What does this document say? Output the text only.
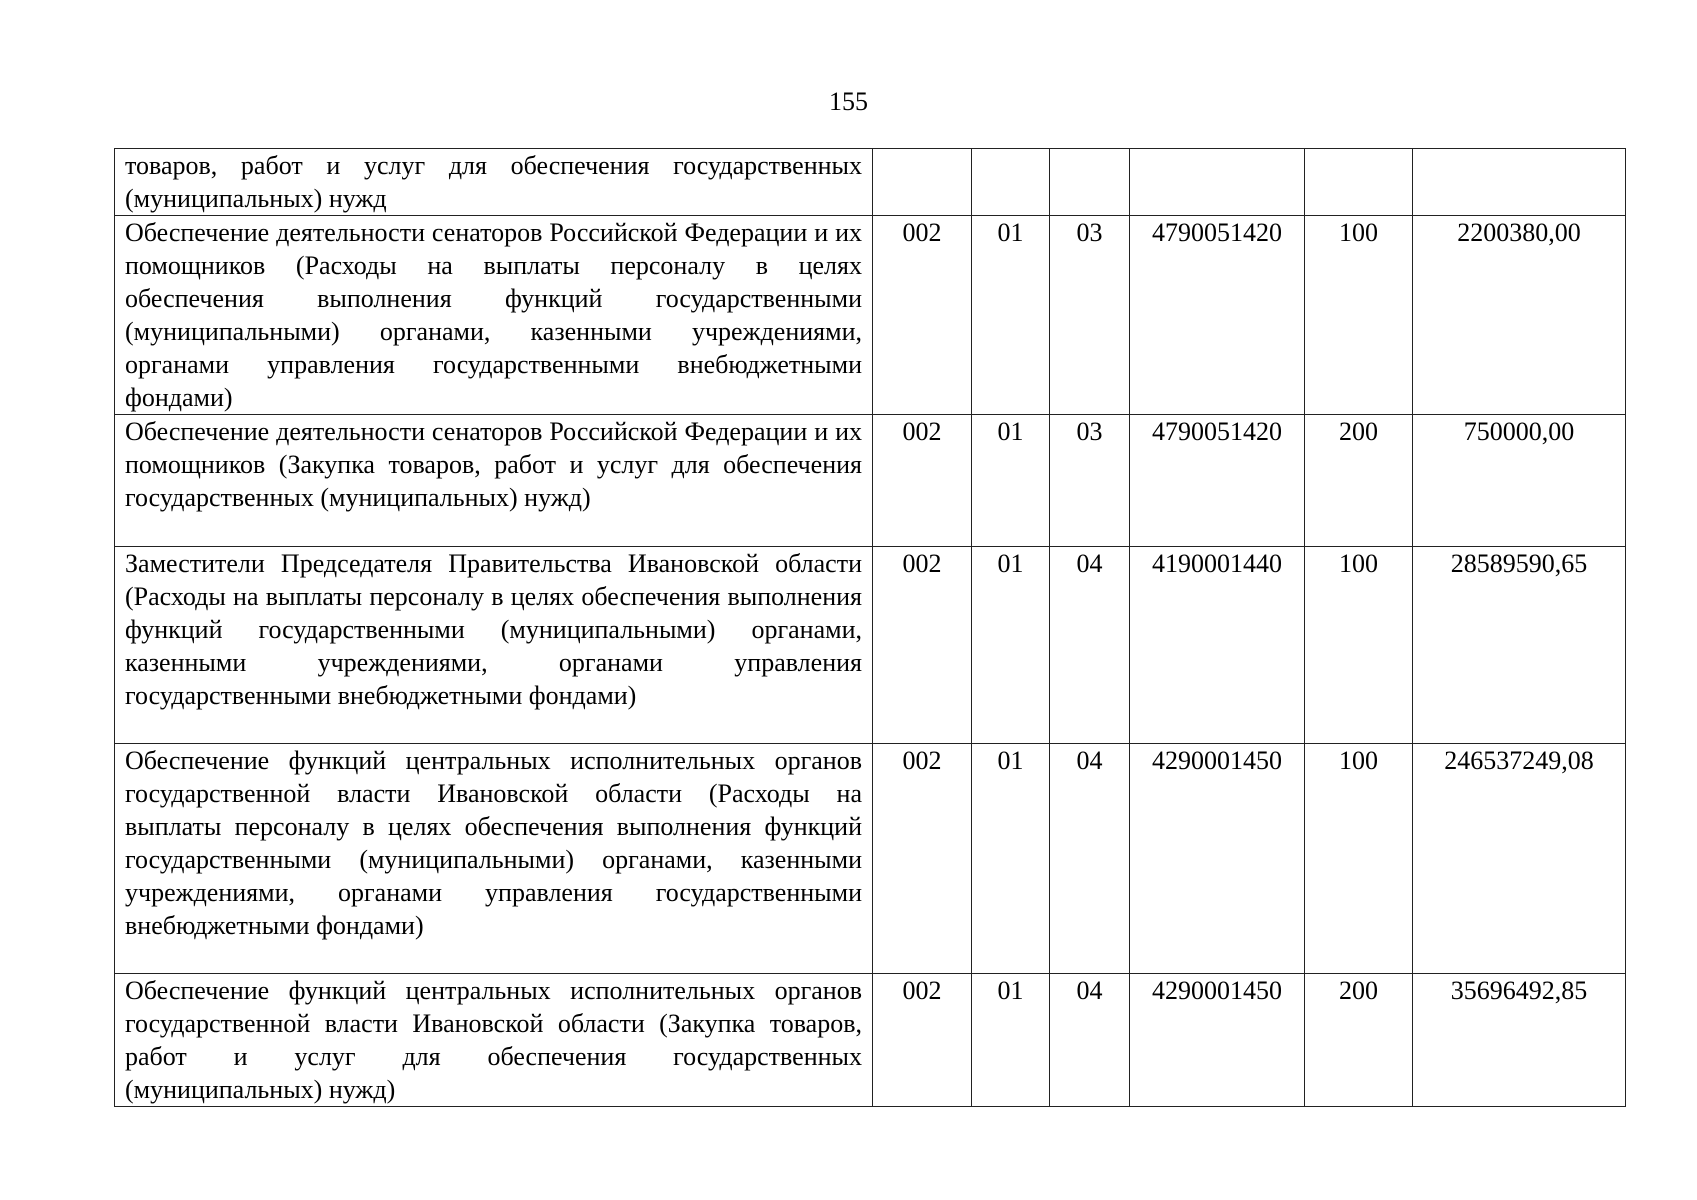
155
товаров, работ и услуг для обеспечения государственных (муниципальных) нужд						
Обеспечение деятельности сенаторов Российской Федерации и их помощников (Расходы на выплаты персоналу в целях обеспечения выполнения функций государственными (муниципальными) органами, казенными учреждениями, органами управления государственными внебюджетными фондами)	002	01	03	4790051420	100	2200380,00
Обеспечение деятельности сенаторов Российской Федерации и их помощников (Закупка товаров, работ и услуг для обеспечения государственных (муниципальных) нужд)	002	01	03	4790051420	200	750000,00
Заместители Председателя Правительства Ивановской области (Расходы на выплаты персоналу в целях обеспечения выполнения функций государственными (муниципальными) органами, казенными учреждениями, органами управления государственными внебюджетными фондами)	002	01	04	4190001440	100	28589590,65
Обеспечение функций центральных исполнительных органов государственной власти Ивановской области (Расходы на выплаты персоналу в целях обеспечения выполнения функций государственными (муниципальными) органами, казенными учреждениями, органами управления государственными внебюджетными фондами)	002	01	04	4290001450	100	246537249,08
Обеспечение функций центральных исполнительных органов государственной власти Ивановской области (Закупка товаров, работ и услуг для обеспечения государственных (муниципальных) нужд)	002	01	04	4290001450	200	35696492,85
